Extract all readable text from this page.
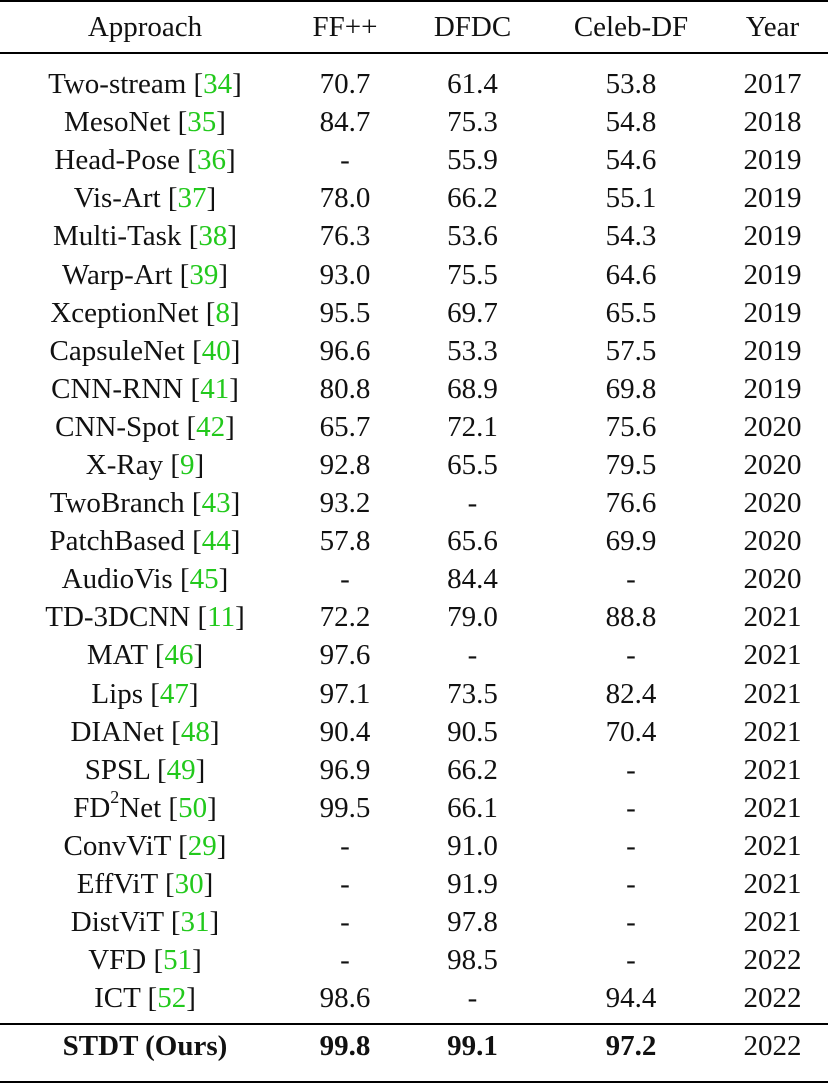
Approach	FF++	DFDC	Celeb-DF	Year
Two-stream [34]	70.7	61.4	53.8	2017
MesoNet [35]	84.7	75.3	54.8	2018
Head-Pose [36]	-	55.9	54.6	2019
Vis-Art [37]	78.0	66.2	55.1	2019
Multi-Task [38]	76.3	53.6	54.3	2019
Warp-Art [39]	93.0	75.5	64.6	2019
XceptionNet [8]	95.5	69.7	65.5	2019
CapsuleNet [40]	96.6	53.3	57.5	2019
CNN-RNN [41]	80.8	68.9	69.8	2019
CNN-Spot [42]	65.7	72.1	75.6	2020
X-Ray [9]	92.8	65.5	79.5	2020
TwoBranch [43]	93.2	-	76.6	2020
PatchBased [44]	57.8	65.6	69.9	2020
AudioVis [45]	-	84.4	-	2020
TD-3DCNN [11]	72.2	79.0	88.8	2021
MAT [46]	97.6	-	-	2021
Lips [47]	97.1	73.5	82.4	2021
DIANet [48]	90.4	90.5	70.4	2021
SPSL [49]	96.9	66.2	-	2021
$FD^2Net$ [50]	99.5	66.1	-	2021
ConvViT [29]	-	91.0	-	2021
EffViT [30]	-	91.9	-	2021
DistViT [31]	-	97.8	-	2021
VFD [51]	-	98.5	-	2022
ICT [52]	98.6	-	94.4	2022
STDT (Ours)	99.8	99.1	97.2	2022
